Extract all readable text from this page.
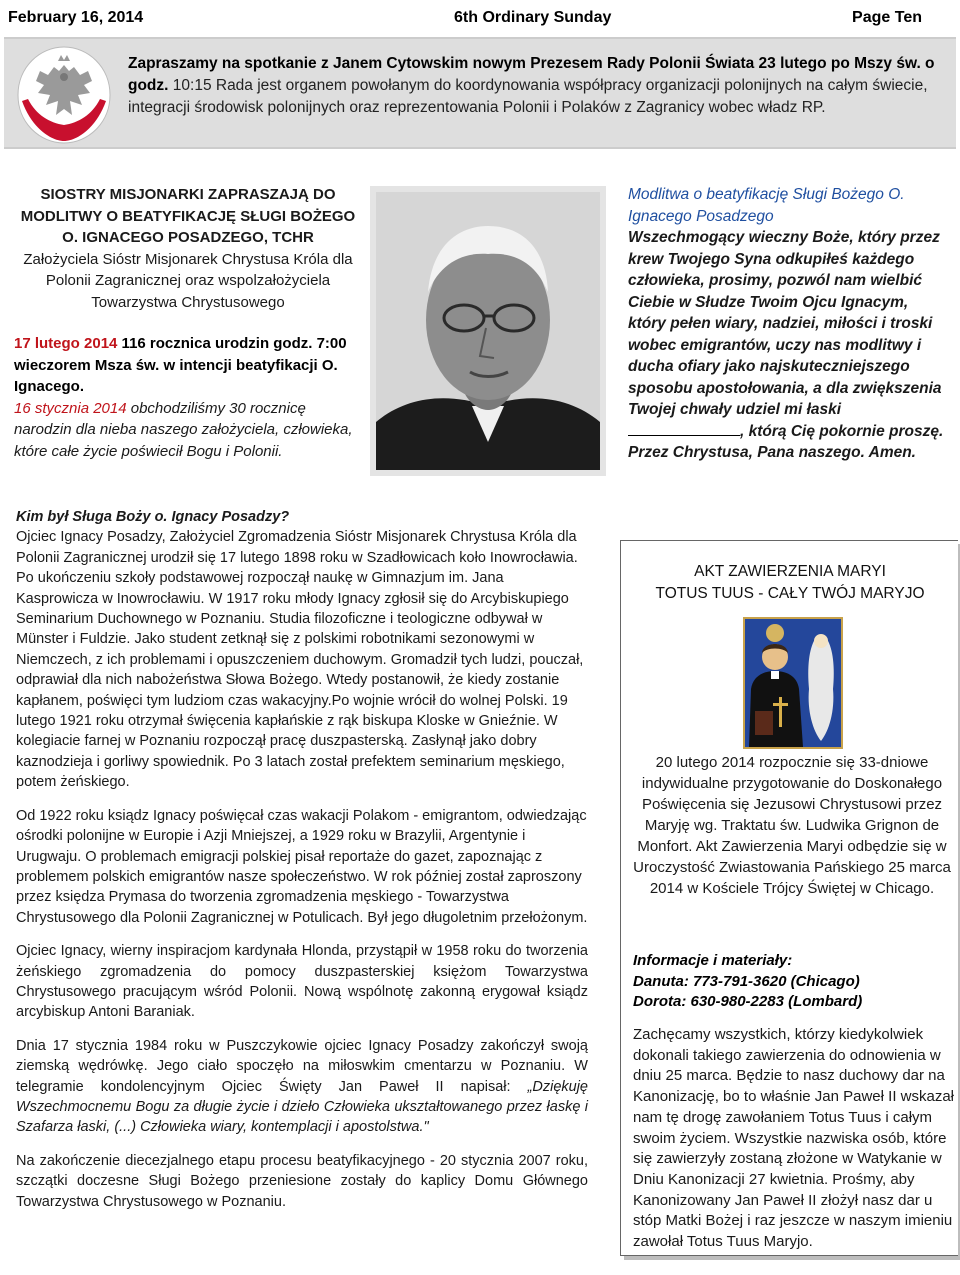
February 16, 2014	6th Ordinary Sunday	Page Ten
Zapraszamy na spotkanie z Janem Cytowskim nowym Prezesem Rady Polonii Świata 23 lutego po Mszy św. o godz. 10:15 Rada jest organem powołanym do koordynowania współpracy organizacji polonijnych na całym świecie, integracji środowisk polonijnych oraz reprezentowania Polonii i Polaków z Zagranicy wobec władz RP.
SIOSTRY MISJONARKI ZAPRASZAJĄ DO MODLITWY O BEATYFIKACJĘ SŁUGI BOŻEGO O. IGNACEGO POSADZEGO, TCHR
Założyciela Sióstr Misjonarek Chrystusa Króla dla Polonii Zagranicznej oraz wspolzałożyciela Towarzystwa Chrystusowego
17 lutego 2014 116 rocznica urodzin godz. 7:00 wieczorem Msza św. w intencji beatyfikacji O. Ignacego.
16 stycznia 2014 obchodziliśmy 30 rocznicę narodzin dla nieba naszego założyciela, człowieka, które całe życie poświecił Bogu i Polonii.
Modlitwa o beatyfikację Sługi Bożego O. Ignacego Posadzego
Wszechmogący wieczny Boże, który przez krew Twojego Syna odkupiłeś każdego człowieka, prosimy, pozwól nam wielbić Ciebie w Słudze Twoim Ojcu Ignacym, który pełen wiary, nadziei, miłości i troski wobec emigrantów, uczy nas modlitwy i ducha ofiary jako najskuteczniejszego sposobu apostołowania, a dla zwiększenia Twojej chwały udziel mi łaski , którą Cię pokornie proszę. Przez Chrystusa, Pana naszego. Amen.
Kim był Sługa Boży o. Ignacy Posadzy?

Ojciec Ignacy Posadzy, Założyciel Zgromadzenia Sióstr Misjonarek Chrystusa Króla dla Polonii Zagranicznej urodził się 17 lutego 1898 roku w Szadłowicach koło Inowrocławia. Po ukończeniu szkoły podstawowej rozpoczął naukę w Gimnazjum im. Jana Kasprowicza w Inowrocławiu. W 1917 roku młody Ignacy zgłosił się do Arcybiskupiego Seminarium Duchownego w Poznaniu. Studia filozoficzne i teologiczne odbywał w Münster i Fuldzie. Jako student zetknął się z polskimi robotnikami sezonowymi w Niemczech, z ich problemami i opuszczeniem duchowym. Gromadził tych ludzi, pouczał, odprawiał dla nich nabożeństwa Słowa Bożego. Wtedy postanowił, że kiedy zostanie kapłanem, poświęci tym ludziom czas wakacyjny.Po wojnie wrócił do wolnej Polski. 19 lutego 1921 roku otrzymał święcenia kapłańskie z rąk biskupa Kloske w Gnieźnie. W kolegiacie farnej w Poznaniu rozpoczął pracę duszpasterską. Zasłynął jako dobry kaznodzieja i gorliwy spowiednik. Po 3 latach został prefektem seminarium męskiego, potem żeńskiego.

Od 1922 roku ksiądz Ignacy poświęcał czas wakacji Polakom - emigrantom, odwiedzając ośrodki polonijne w Europie i Azji Mniejszej, a 1929 roku w Brazylii, Argentynie i Urugwaju. O problemach emigracji polskiej pisał reportaże do gazet, zapoznając z problemem polskich emigrantów nasze społeczeństwo. W rok później został zaproszony przez księdza Prymasa do tworzenia zgromadzenia męskiego - Towarzystwa Chrystusowego dla Polonii Zagranicznej w Potulicach. Był jego długoletnim przełożonym.

Ojciec Ignacy, wierny inspiracjom kardynała Hlonda, przystąpił w 1958 roku do tworzenia żeńskiego zgromadzenia do pomocy duszpasterskiej księżom Towarzystwa Chrystusowego pracującym wśród Polonii. Nową wspólnotę zakonną erygował ksiądz arcybiskup Antoni Baraniak.

Dnia 17 stycznia 1984 roku w Puszczykowie ojciec Ignacy Posadzy zakończył swoją ziemską wędrówkę. Jego ciało spoczęło na miłoswkim cmentarzu w Poznaniu. W telegramie kondolencyjnym Ojciec Święty Jan Paweł II napisał: „Dziękuję Wszechmocnemu Bogu za długie życie i dzieło Człowieka ukształtowanego przez łaskę i Szafarza łaski, (...) Człowieka wiary, kontemplacji i apostolstwa."

Na zakończenie diecezjalnego etapu procesu beatyfikacyjnego - 20 stycznia 2007 roku, szczątki doczesne Sługi Bożego przeniesione zostały do kaplicy Domu Głównego Towarzystwa Chrystusowego w Poznaniu.

AKT ZAWIERZENIA MARYI
TOTUS TUUS - CAŁY TWÓJ MARYJO
20 lutego 2014 rozpocznie się 33-dniowe indywidualne przygotowanie do Doskonałego Poświęcenia się Jezusowi Chrystusowi przez Maryję wg. Traktatu św. Ludwika Grignon de Monfort. Akt Zawierzenia Maryi odbędzie się w Uroczystość Zwiastowania Pańskiego 25 marca 2014 w Kościele Trójcy Świętej w Chicago.
Informacje i materiały:
Danuta: 773-791-3620 (Chicago)
Dorota: 630-980-2283 (Lombard)
Zachęcamy wszystkich, którzy kiedykolwiek dokonali takiego zawierzenia do odnowienia w dniu 25 marca. Będzie to nasz duchowy dar na Kanonizację, bo to właśnie Jan Paweł II wskazał nam tę drogę zawołaniem Totus Tuus i całym swoim życiem. Wszystkie nazwiska osób, które się zawierzyły zostaną złożone w Watykanie w Dniu Kanonizacji 27 kwietnia. Prośmy, aby Kanonizowany Jan Paweł II złożył nasz dar u stóp Matki Bożej i raz jeszcze w naszym imieniu zawołał Totus Tuus Maryjo.
